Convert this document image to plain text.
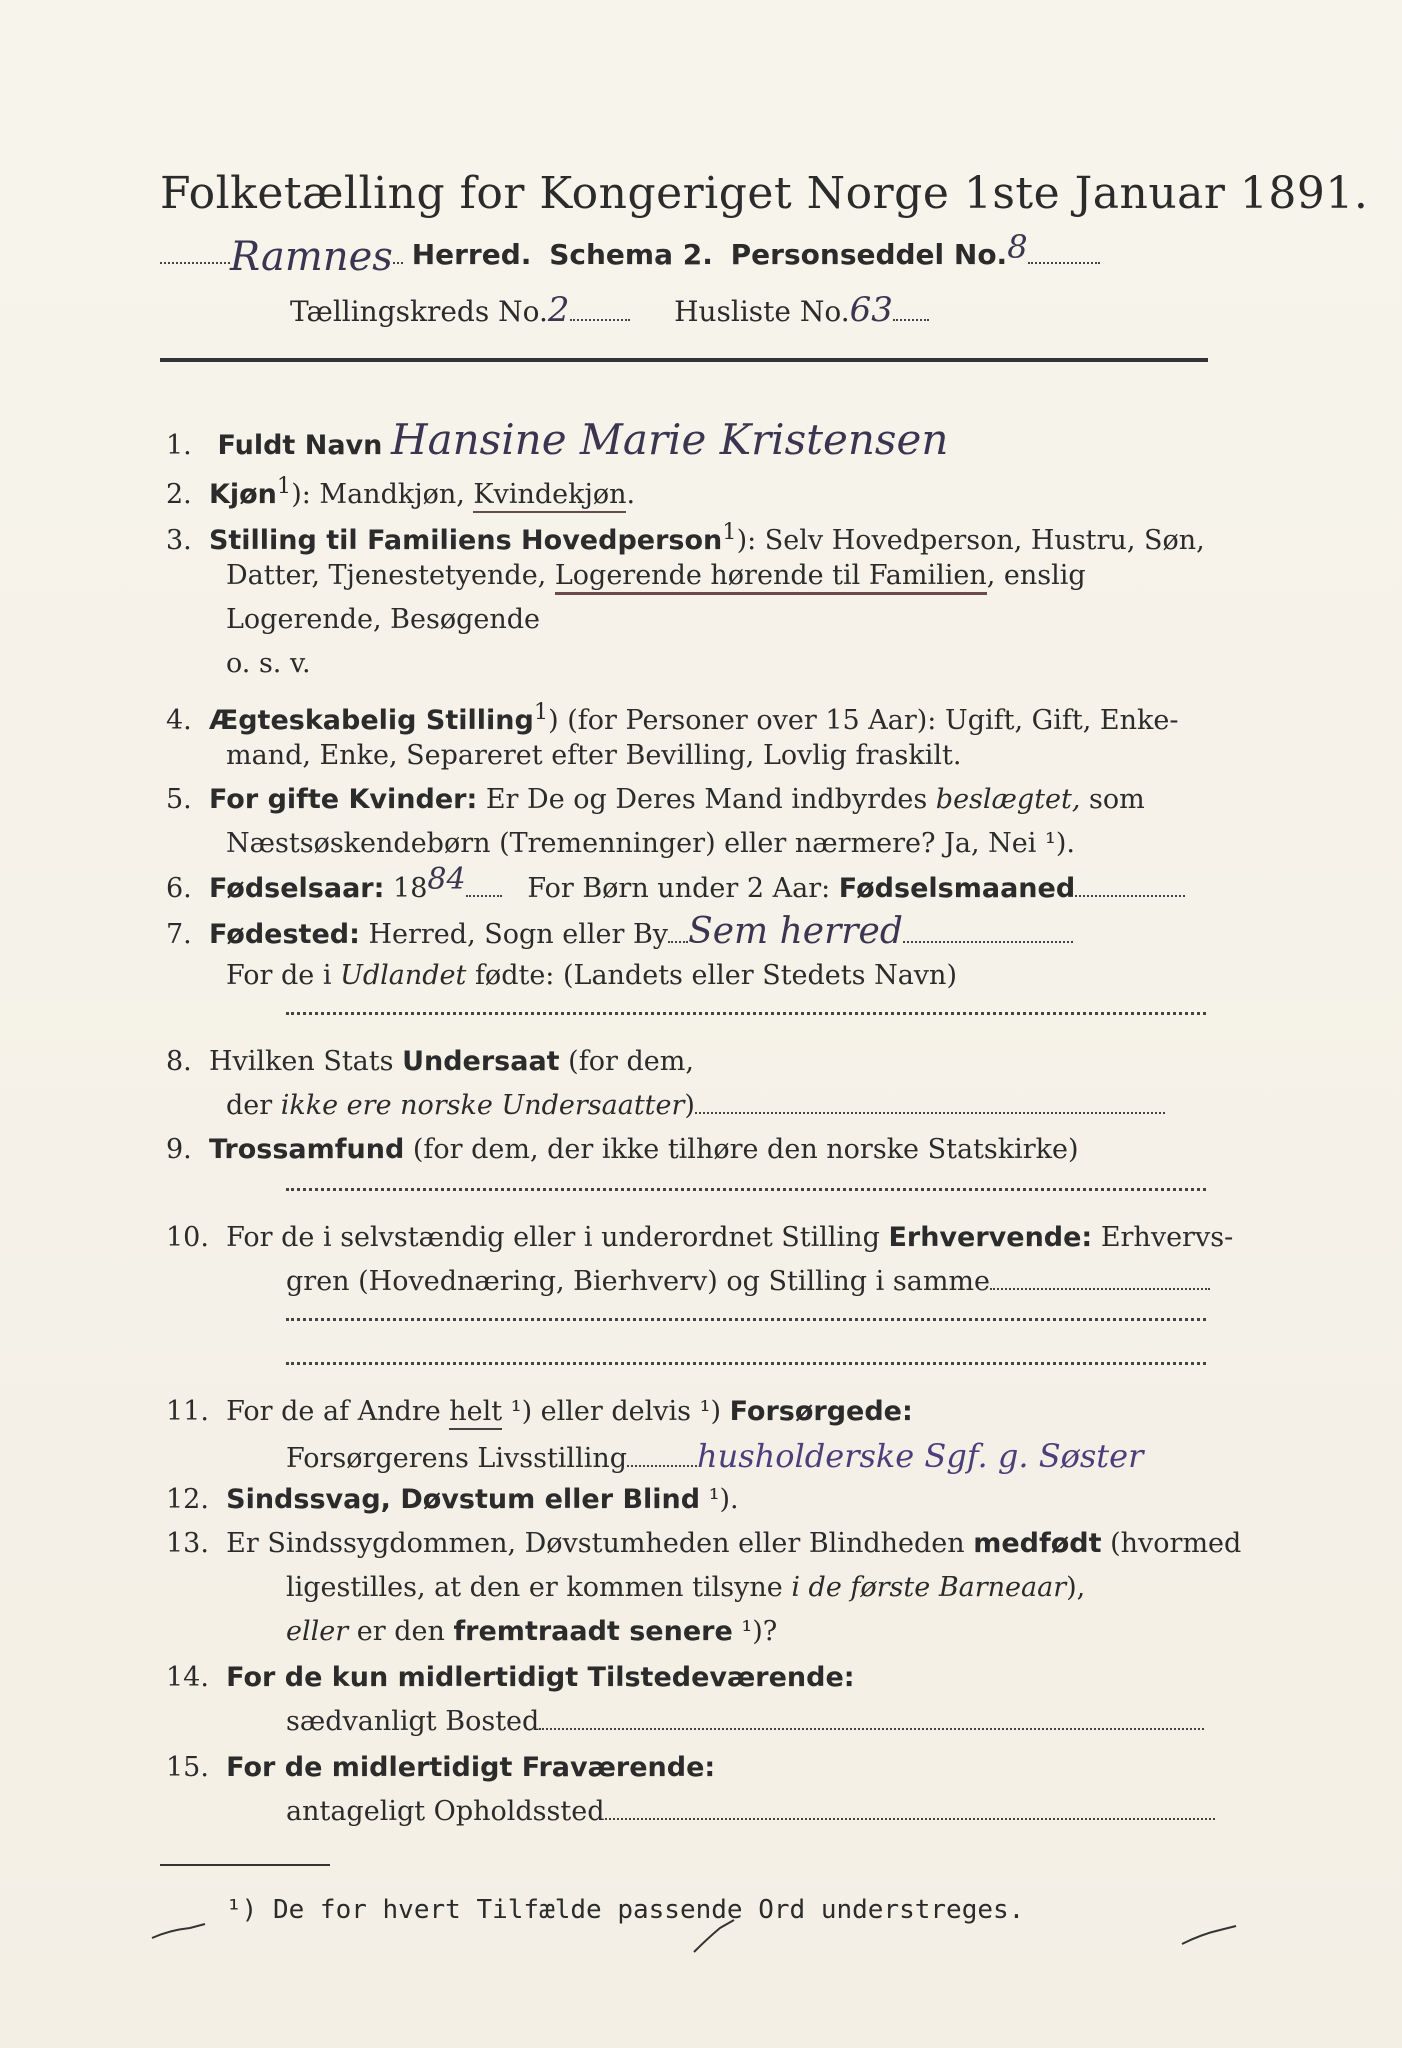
Folketælling for Kongeriget Norge 1ste Januar 1891.
Ramnes Herred. Schema 2. Personseddel No.8
Tællingskreds No.2	Husliste No.63
1. Fuldt Navn Hansine Marie Kristensen
2. Kjøn$^1$): Mandkjøn, Kvindekjøn.
3. Stilling til Familiens Hovedperson$^1$): Selv Hovedperson, Hustru, Søn,
Datter, Tjenestetyende, Logerende hørende til Familien, enslig
Logerende, Besøgende
o. s. v.
4. Ægteskabelig Stilling$^1$) (for Personer over 15 Aar): Ugift, Gift, Enke-
mand, Enke, Separeret efter Bevilling, Lovlig fraskilt.
5. For gifte Kvinder: Er De og Deres Mand indbyrdes beslægtet, som
Næstsøskendebørn (Tremenninger) eller nærmere? Ja, Nei ¹).
6. Fødselsaar: 1884 For Børn under 2 Aar: Fødselsmaaned
7. Fødested: Herred, Sogn eller By Sem herred
For de i Udlandet fødte: (Landets eller Stedets Navn)
8. Hvilken Stats Undersaat (for dem,
der ikke ere norske Undersaatter)
9. Trossamfund (for dem, der ikke tilhøre den norske Statskirke)
10. For de i selvstændig eller i underordnet Stilling Erhvervende: Erhvervs-
gren (Hovednæring, Bierhverv) og Stilling i samme
11. For de af Andre helt ¹) eller delvis ¹) Forsørgede:
Forsørgerens Livsstilling husholderske Sgf. g. Søster
12. Sindssvag, Døvstum eller Blind ¹).
13. Er Sindssygdommen, Døvstumheden eller Blindheden medfødt (hvormed
ligestilles, at den er kommen tilsyne i de første Barneaar),
eller er den fremtraadt senere ¹)?
14. For de kun midlertidigt Tilstedeværende:
sædvanligt Bosted
15. For de midlertidigt Fraværende:
antageligt Opholdssted
¹) De for hvert Tilfælde passende Ord understreges.
